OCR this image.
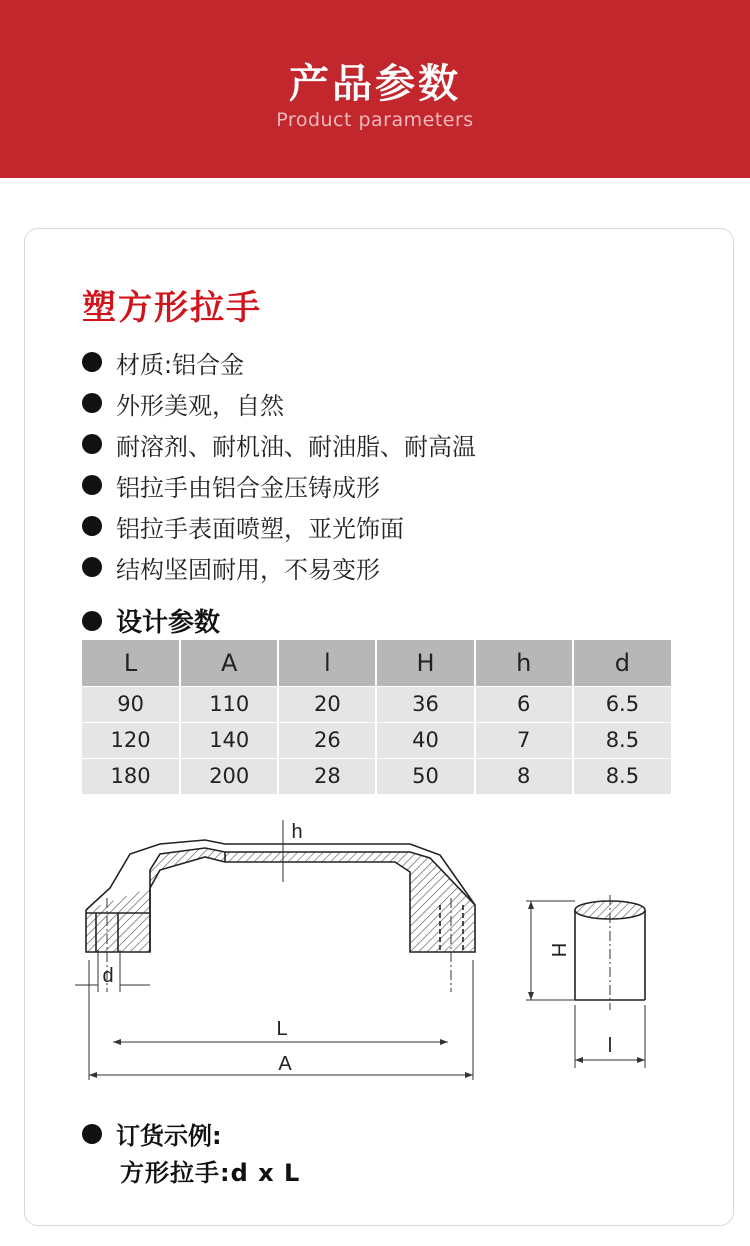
产品参数
Product parameters
塑方形拉手
材质:铝合金
外形美观，自然
耐溶剂、耐机油、耐油脂、耐高温
铝拉手由铝合金压铸成形
铝拉手表面喷塑，亚光饰面
结构坚固耐用，不易变形
设计参数
L	A	l	H	h	d
90	110	20	36	6	6.5
120	140	26	40	7	8.5
180	200	28	50	8	8.5
d
h
L
A
H
l
订货示例:
方形拉手:d x L
